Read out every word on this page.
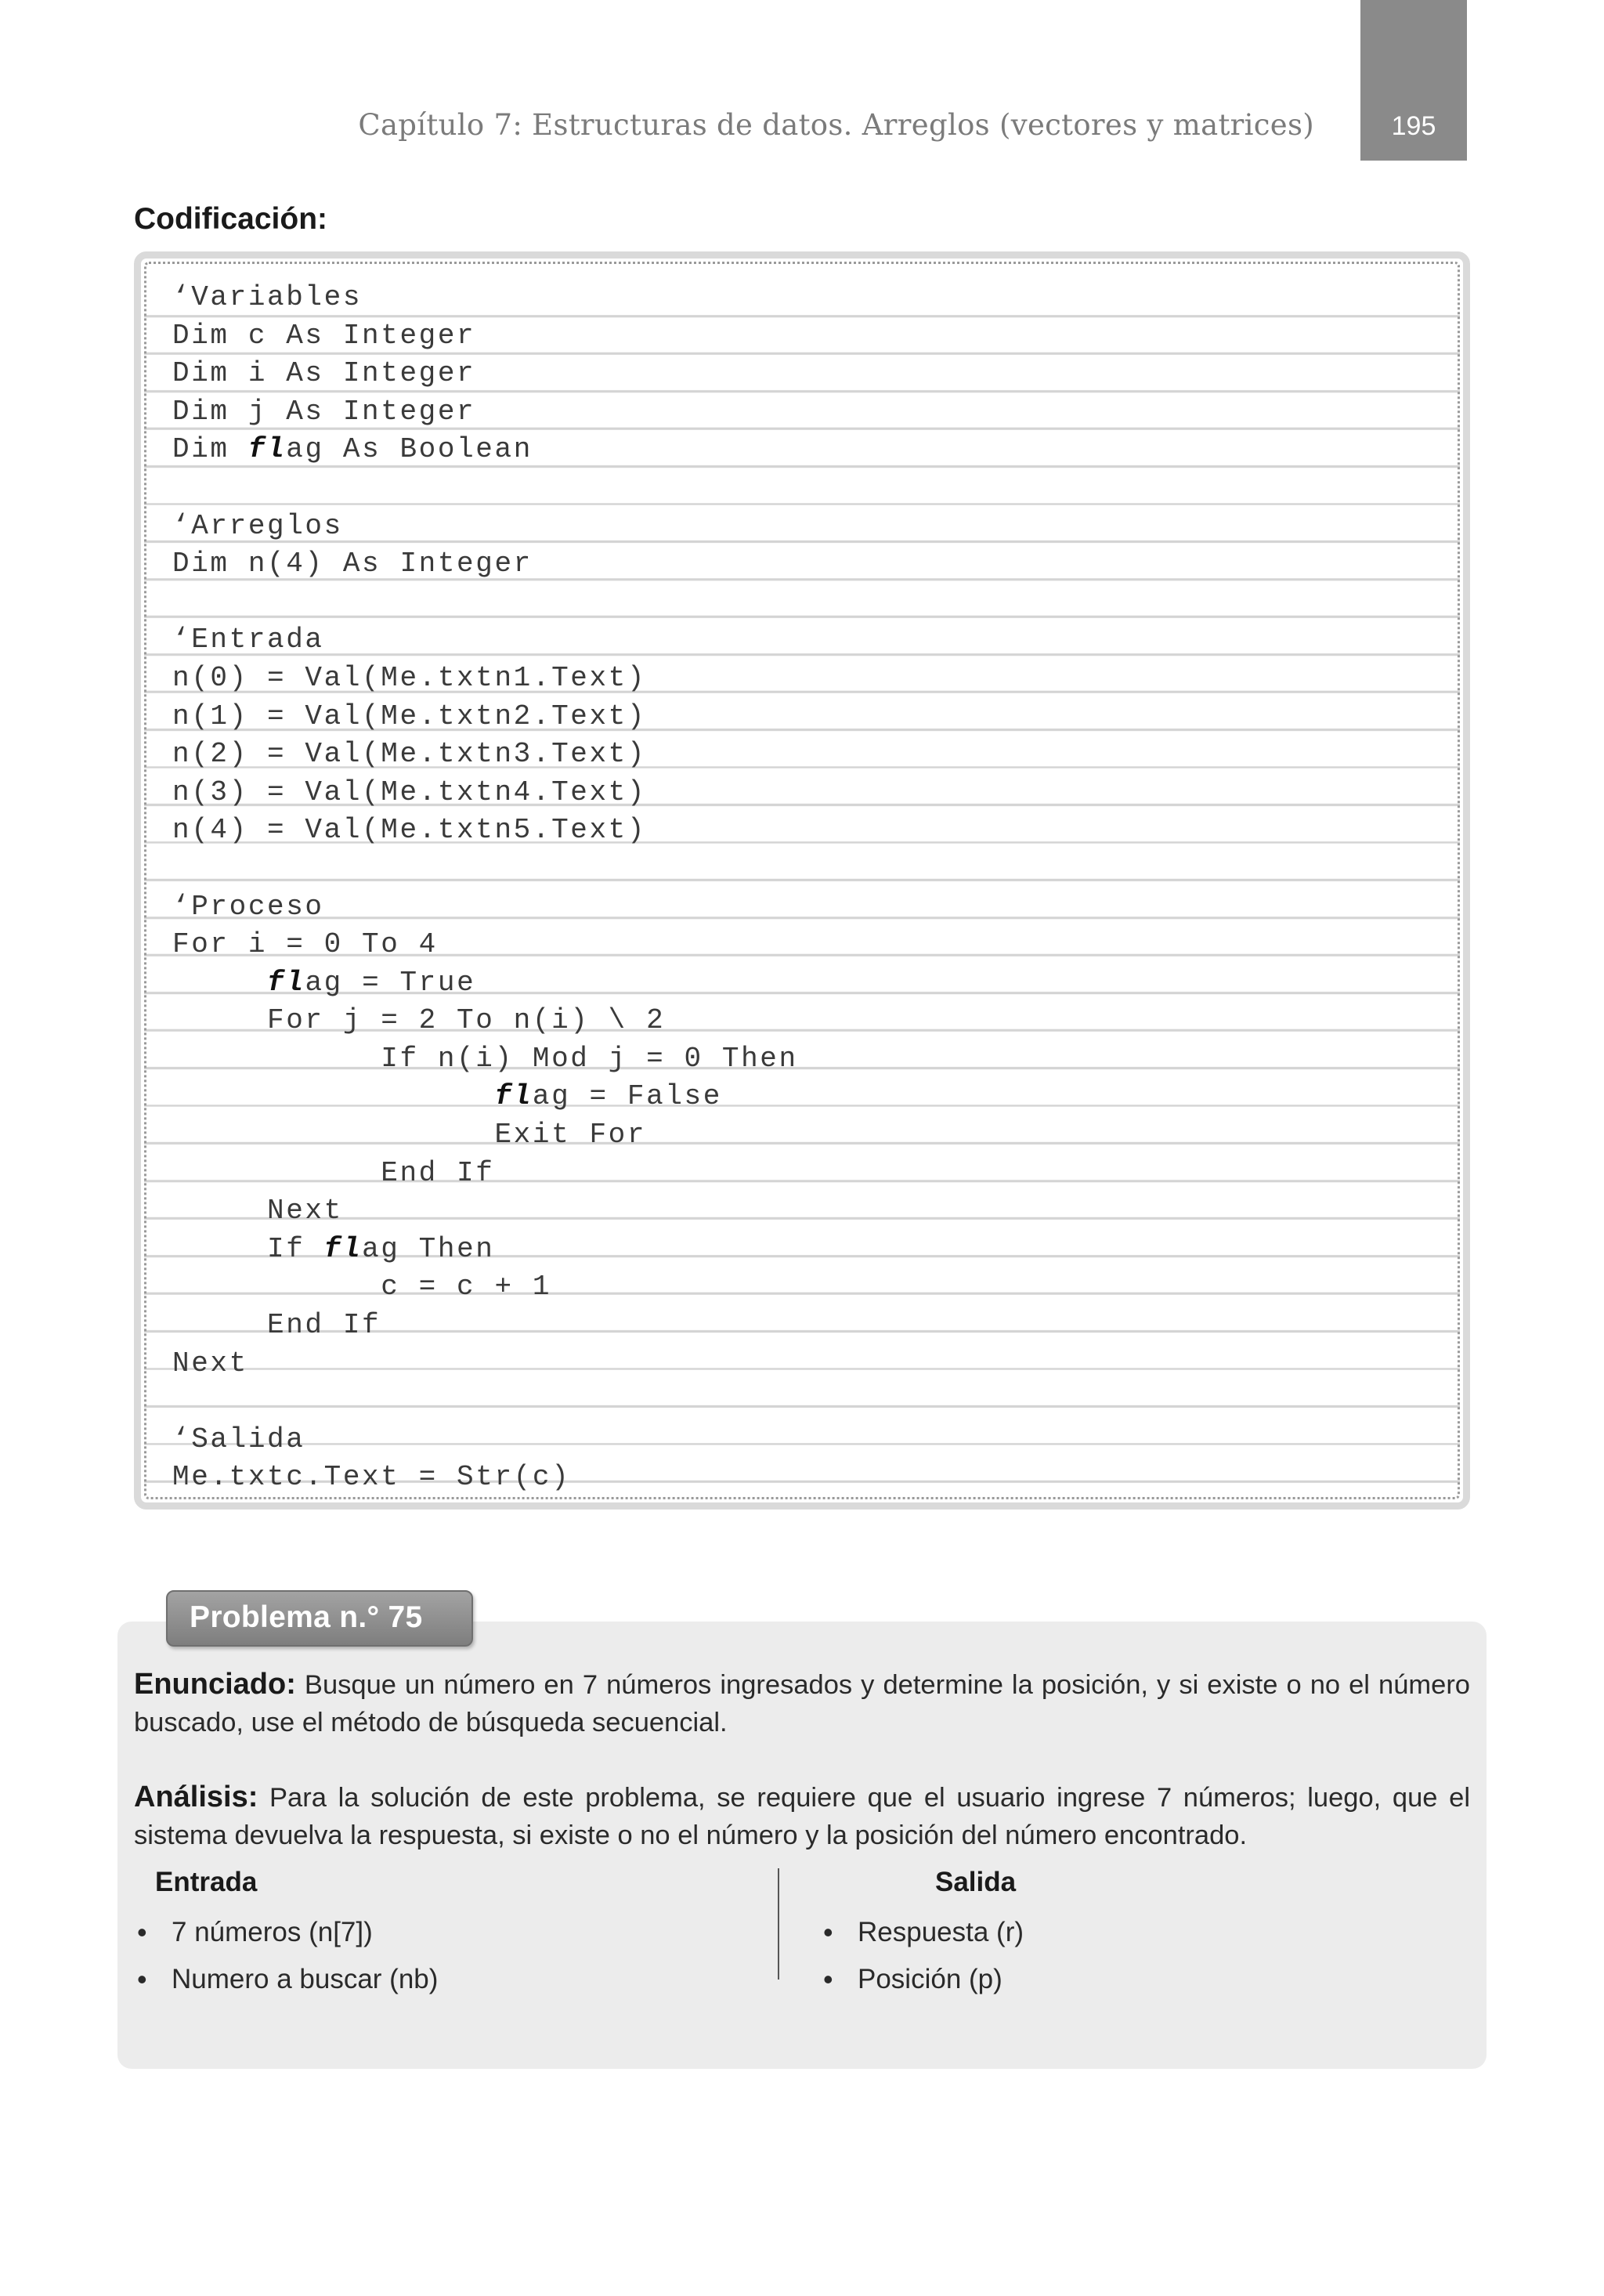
Capítulo 7: Estructuras de datos. Arreglos (vectores y matrices)	195
Codificación:
‘Variables
Dim c As Integer
Dim i As Integer
Dim j As Integer
Dim flag As Boolean

‘Arreglos
Dim n(4) As Integer

‘Entrada
n(0) = Val(Me.txtn1.Text)
n(1) = Val(Me.txtn2.Text)
n(2) = Val(Me.txtn3.Text)
n(3) = Val(Me.txtn4.Text)
n(4) = Val(Me.txtn5.Text)

‘Proceso
For i = 0 To 4
flag = True
For j = 2 To n(i) \ 2
If n(i) Mod j = 0 Then
flag = False
Exit For
End If
Next
If flag Then
c = c + 1
End If
Next

‘Salida
Me.txtc.Text = Str(c)
Problema n.° 75
Enunciado: Busque un número en 7 números ingresados y determine la posición, y si existe o no el número buscado, use el método de búsqueda secuencial.
Análisis: Para la solución de este problema, se requiere que el usuario ingrese 7 números; luego, que el sistema devuelva la respuesta, si existe o no el número y la posición del número encontrado.
Entrada	Salida
• 7 números (n[7])
• Numero a buscar (nb)
• Respuesta (r)
• Posición (p)
